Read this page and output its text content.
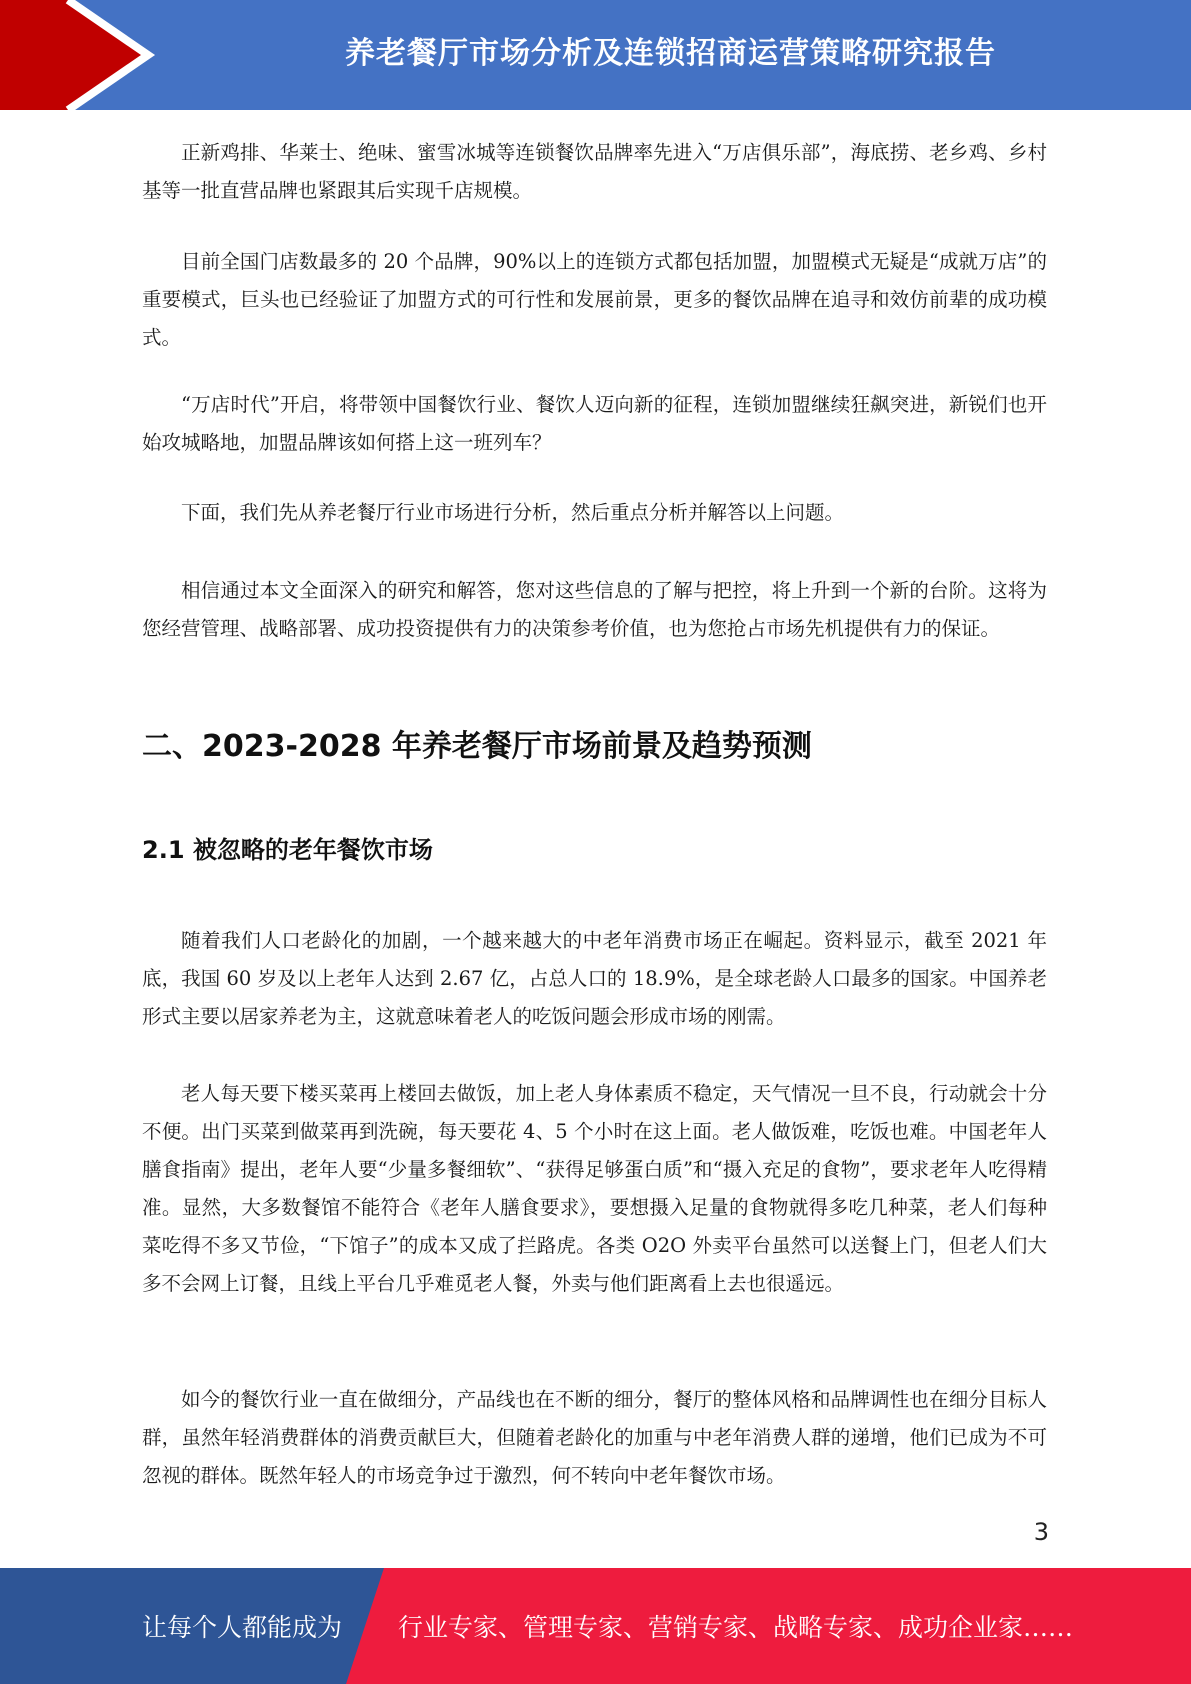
养老餐厅市场分析及连锁招商运营策略研究报告

正新鸡排、华莱士、绝味、蜜雪冰城等连锁餐饮品牌率先进入“万店俱乐部”，海底捞、老乡鸡、乡村基等一批直营品牌也紧跟其后实现千店规模。

目前全国门店数最多的 20 个品牌，90%以上的连锁方式都包括加盟，加盟模式无疑是“成就万店”的重要模式，巨头也已经验证了加盟方式的可行性和发展前景，更多的餐饮品牌在追寻和效仿前辈的成功模式。

“万店时代”开启，将带领中国餐饮行业、餐饮人迈向新的征程，连锁加盟继续狂飙突进，新锐们也开始攻城略地，加盟品牌该如何搭上这一班列车？

下面，我们先从养老餐厅行业市场进行分析，然后重点分析并解答以上问题。

相信通过本文全面深入的研究和解答，您对这些信息的了解与把控，将上升到一个新的台阶。这将为您经营管理、战略部署、成功投资提供有力的决策参考价值，也为您抢占市场先机提供有力的保证。

二、2023-2028 年养老餐厅市场前景及趋势预测
2.1 被忽略的老年餐饮市场

随着我们人口老龄化的加剧，一个越来越大的中老年消费市场正在崛起。资料显示，截至 2021 年底，我国 60 岁及以上老年人达到 2.67 亿，占总人口的 18.9%，是全球老龄人口最多的国家。中国养老形式主要以居家养老为主，这就意味着老人的吃饭问题会形成市场的刚需。

老人每天要下楼买菜再上楼回去做饭，加上老人身体素质不稳定，天气情况一旦不良，行动就会十分不便。出门买菜到做菜再到洗碗，每天要花 4、5 个小时在这上面。老人做饭难，吃饭也难。中国老年人膳食指南》提出，老年人要“少量多餐细软”、“获得足够蛋白质”和“摄入充足的食物”，要求老年人吃得精准。显然，大多数餐馆不能符合《老年人膳食要求》，要想摄入足量的食物就得多吃几种菜，老人们每种菜吃得不多又节俭，“下馆子”的成本又成了拦路虎。各类 O2O 外卖平台虽然可以送餐上门，但老人们大多不会网上订餐，且线上平台几乎难觅老人餐，外卖与他们距离看上去也很遥远。

如今的餐饮行业一直在做细分，产品线也在不断的细分，餐厅的整体风格和品牌调性也在细分目标人群，虽然年轻消费群体的消费贡献巨大，但随着老龄化的加重与中老年消费人群的递增，他们已成为不可忽视的群体。既然年轻人的市场竞争过于激烈，何不转向中老年餐饮市场。

3
让每个人都能成为 行业专家、管理专家、营销专家、战略专家、成功企业家……
